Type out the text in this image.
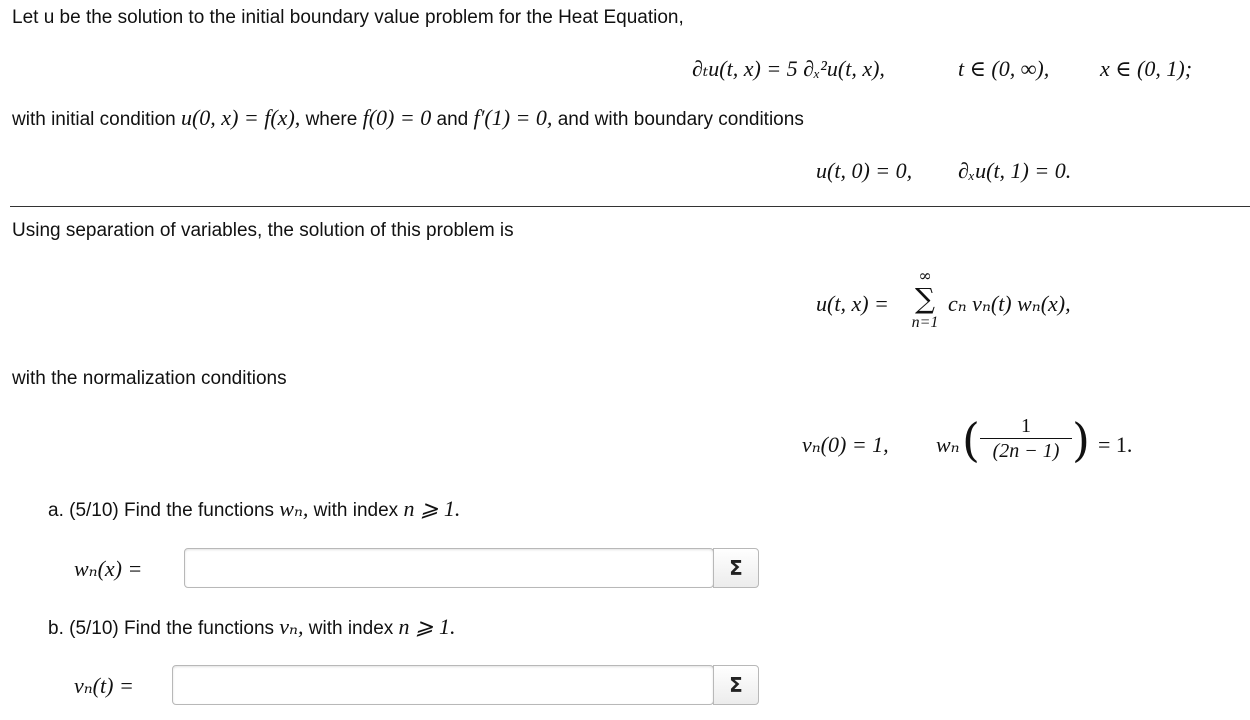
Let u be the solution to the initial boundary value problem for the Heat Equation,
∂ₜu(t, x) = 5 ∂ₓ²u(t, x),	t ∈ (0, ∞), x ∈ (0, 1);
with initial condition u(0, x) = f(x), where f(0) = 0 and f′(1) = 0, and with boundary conditions
u(t, 0) = 0, ∂ₓu(t, 1) = 0.
Using separation of variables, the solution of this problem is
u(t, x) =
∞
∑
n=1
cₙ vₙ(t) wₙ(x),
with the normalization conditions
vₙ(0) = 1, wₙ ( $\frac{1}{(2n - 1)}$ ) = 1.
a. (5/10) Find the functions wₙ, with index n ⩾ 1.
wₙ(x) =	Σ
b. (5/10) Find the functions vₙ, with index n ⩾ 1.
vₙ(t) =	Σ
